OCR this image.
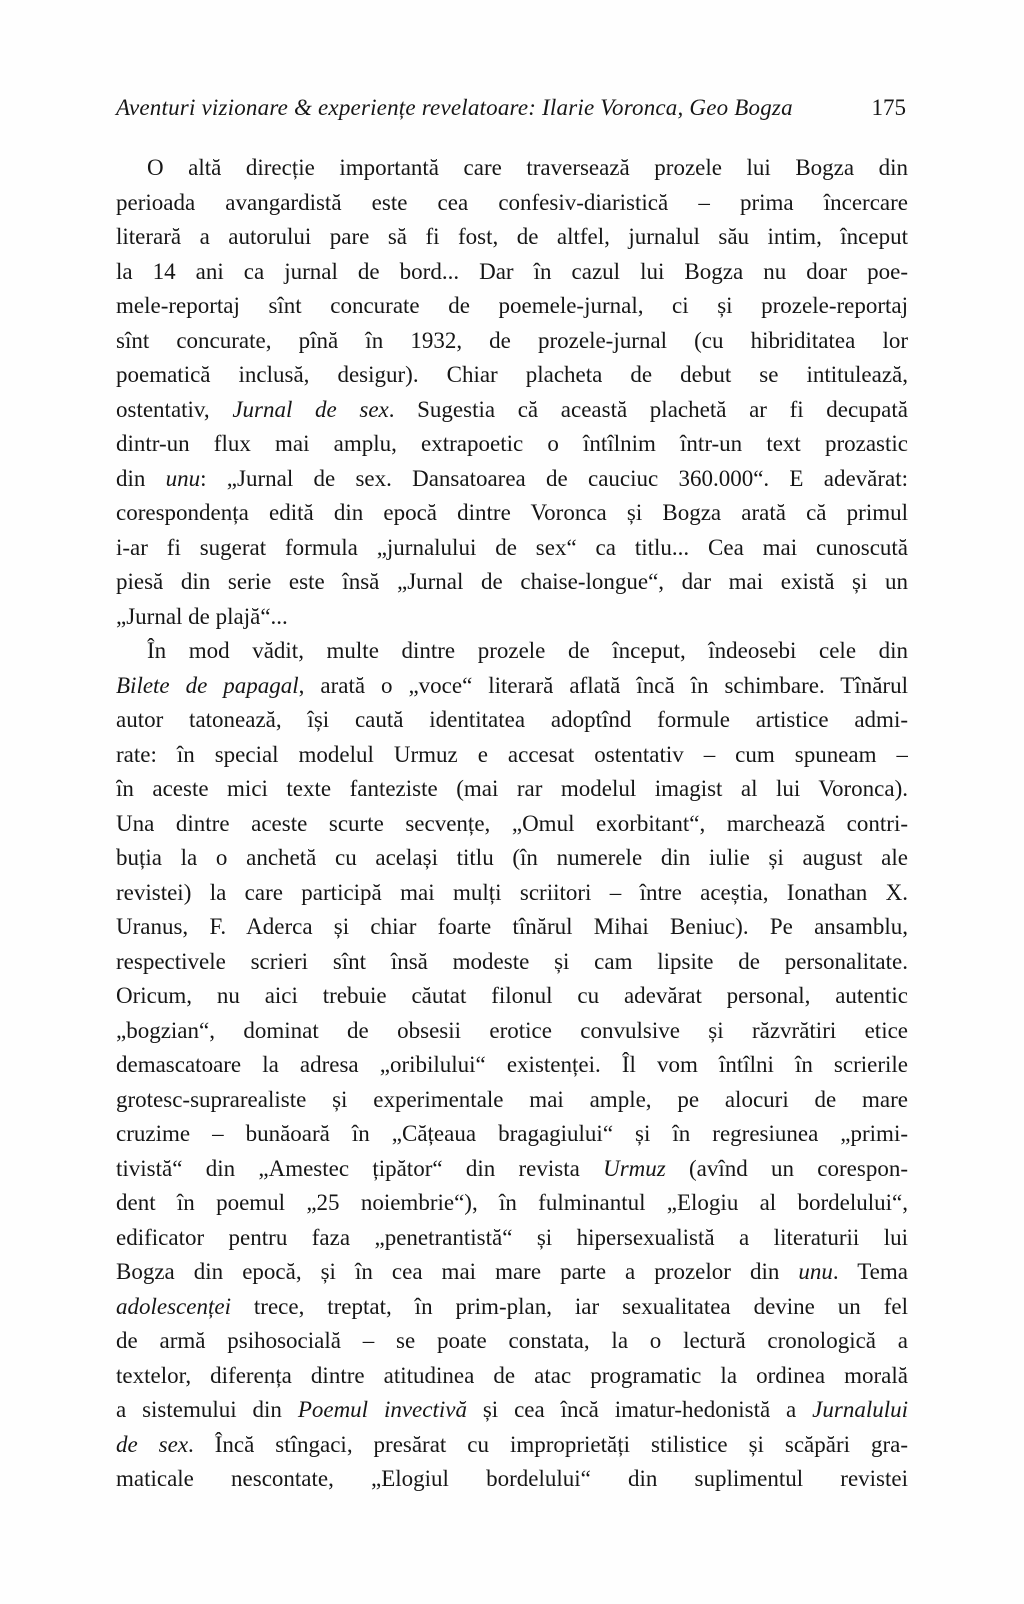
Aventuri vizionare & experiențe revelatoare: Ilarie Voronca, Geo Bogza	175
O altă direcție importantă care traversează prozele lui Bogza din
perioada avangardistă este cea confesiv-diaristică – prima încercare
literară a autorului pare să fi fost, de altfel, jurnalul său intim, început
la 14 ani ca jurnal de bord... Dar în cazul lui Bogza nu doar poe-
mele-reportaj sînt concurate de poemele-jurnal, ci și prozele-reportaj
sînt concurate, pînă în 1932, de prozele-jurnal (cu hibriditatea lor
poematică inclusă, desigur). Chiar placheta de debut se intitulează,
ostentativ, Jurnal de sex. Sugestia că această plachetă ar fi decupată
dintr-un flux mai amplu, extrapoetic o întîlnim într-un text prozastic
din unu: „Jurnal de sex. Dansatoarea de cauciuc 360.000“. E adevărat:
corespondența edită din epocă dintre Voronca și Bogza arată că primul
i-ar fi sugerat formula „jurnalului de sex“ ca titlu... Cea mai cunoscută
piesă din serie este însă „Jurnal de chaise-longue“, dar mai există și un
„Jurnal de plajă“...
În mod vădit, multe dintre prozele de început, îndeosebi cele din
Bilete de papagal, arată o „voce“ literară aflată încă în schimbare. Tînărul
autor tatonează, își caută identitatea adoptînd formule artistice admi-
rate: în special modelul Urmuz e accesat ostentativ – cum spuneam –
în aceste mici texte fanteziste (mai rar modelul imagist al lui Voronca).
Una dintre aceste scurte secvențe, „Omul exorbitant“, marchează contri-
buția la o anchetă cu același titlu (în numerele din iulie și august ale
revistei) la care participă mai mulți scriitori – între aceștia, Ionathan X.
Uranus, F. Aderca și chiar foarte tînărul Mihai Beniuc). Pe ansamblu,
respectivele scrieri sînt însă modeste și cam lipsite de personalitate.
Oricum, nu aici trebuie căutat filonul cu adevărat personal, autentic
„bogzian“, dominat de obsesii erotice convulsive și răzvrătiri etice
demascatoare la adresa „oribilului“ existenței. Îl vom întîlni în scrierile
grotesc-suprarealiste și experimentale mai ample, pe alocuri de mare
cruzime – bunăoară în „Cățeaua bragagiului“ și în regresiunea „primi-
tivistă“ din „Amestec țipător“ din revista Urmuz (avînd un corespon-
dent în poemul „25 noiembrie“), în fulminantul „Elogiu al bordelului“,
edificator pentru faza „penetrantistă“ și hipersexualistă a literaturii lui
Bogza din epocă, și în cea mai mare parte a prozelor din unu. Tema
adolescenței trece, treptat, în prim-plan, iar sexualitatea devine un fel
de armă psihosocială – se poate constata, la o lectură cronologică a
textelor, diferența dintre atitudinea de atac programatic la ordinea morală
a sistemului din Poemul invectivă și cea încă imatur-hedonistă a Jurnalului
de sex. Încă stîngaci, presărat cu improprietăți stilistice și scăpări gra-
maticale nescontate, „Elogiul bordelului“ din suplimentul revistei
